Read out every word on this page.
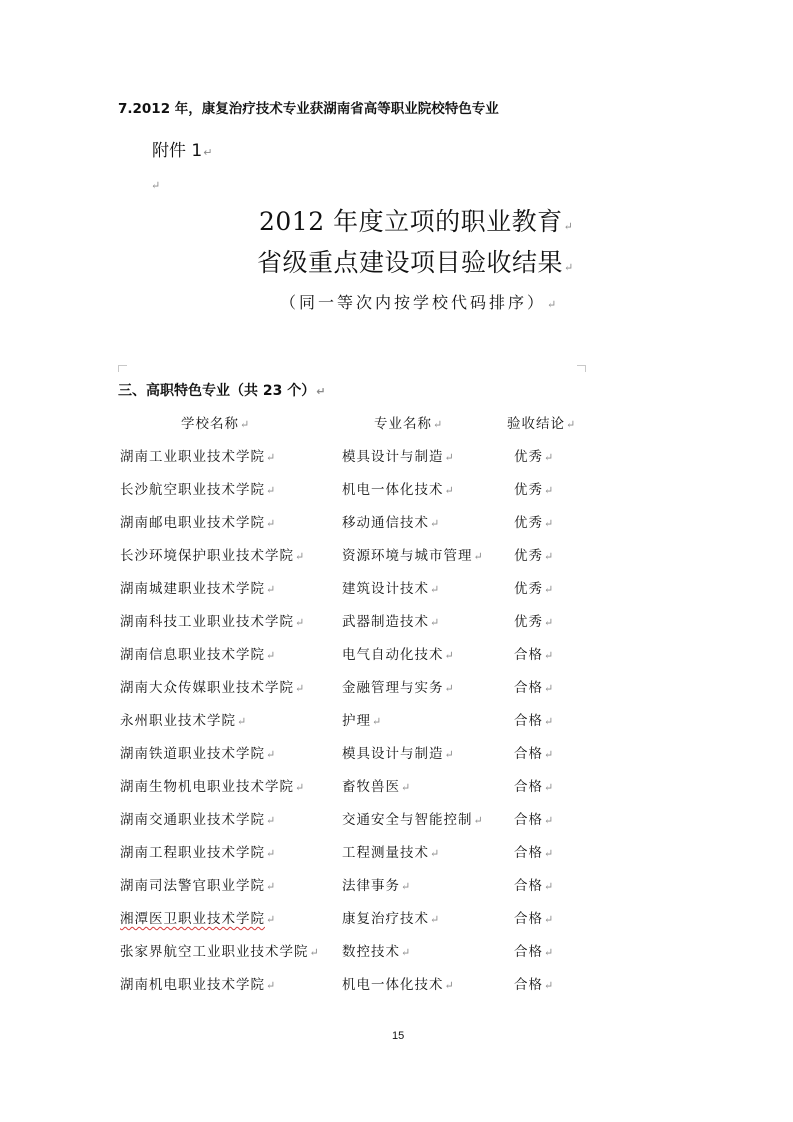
7.2012 年，康复治疗技术专业获湖南省高等职业院校特色专业
附件 1↵
↵
2012 年度立项的职业教育↵
省级重点建设项目验收结果↵
（同一等次内按学校代码排序）↵
三、高职特色专业（共 23 个）↵
学校名称↵	专业名称↵	验收结论↵
湖南工业职业技术学院↵	模具设计与制造↵	优秀↵
长沙航空职业技术学院↵	机电一体化技术↵	优秀↵
湖南邮电职业技术学院↵	移动通信技术↵	优秀↵
长沙环境保护职业技术学院↵	资源环境与城市管理↵ 优秀↵
湖南城建职业技术学院↵	建筑设计技术↵	优秀↵
湖南科技工业职业技术学院↵	武器制造技术↵	优秀↵
湖南信息职业技术学院↵	电气自动化技术↵	合格↵
湖南大众传媒职业技术学院↵	金融管理与实务↵	合格↵
永州职业技术学院↵	护理↵	合格↵
湖南铁道职业技术学院↵	模具设计与制造↵	合格↵
湖南生物机电职业技术学院↵	畜牧兽医↵	合格↵
湖南交通职业技术学院↵	交通安全与智能控制↵ 合格↵
湖南工程职业技术学院↵	工程测量技术↵	合格↵
湖南司法警官职业学院↵	法律事务↵	合格↵
湘潭医卫职业技术学院↵	康复治疗技术↵	合格↵
张家界航空工业职业技术学院↵ 数控技术↵	合格↵
湖南机电职业技术学院↵	机电一体化技术↵	合格↵
15
